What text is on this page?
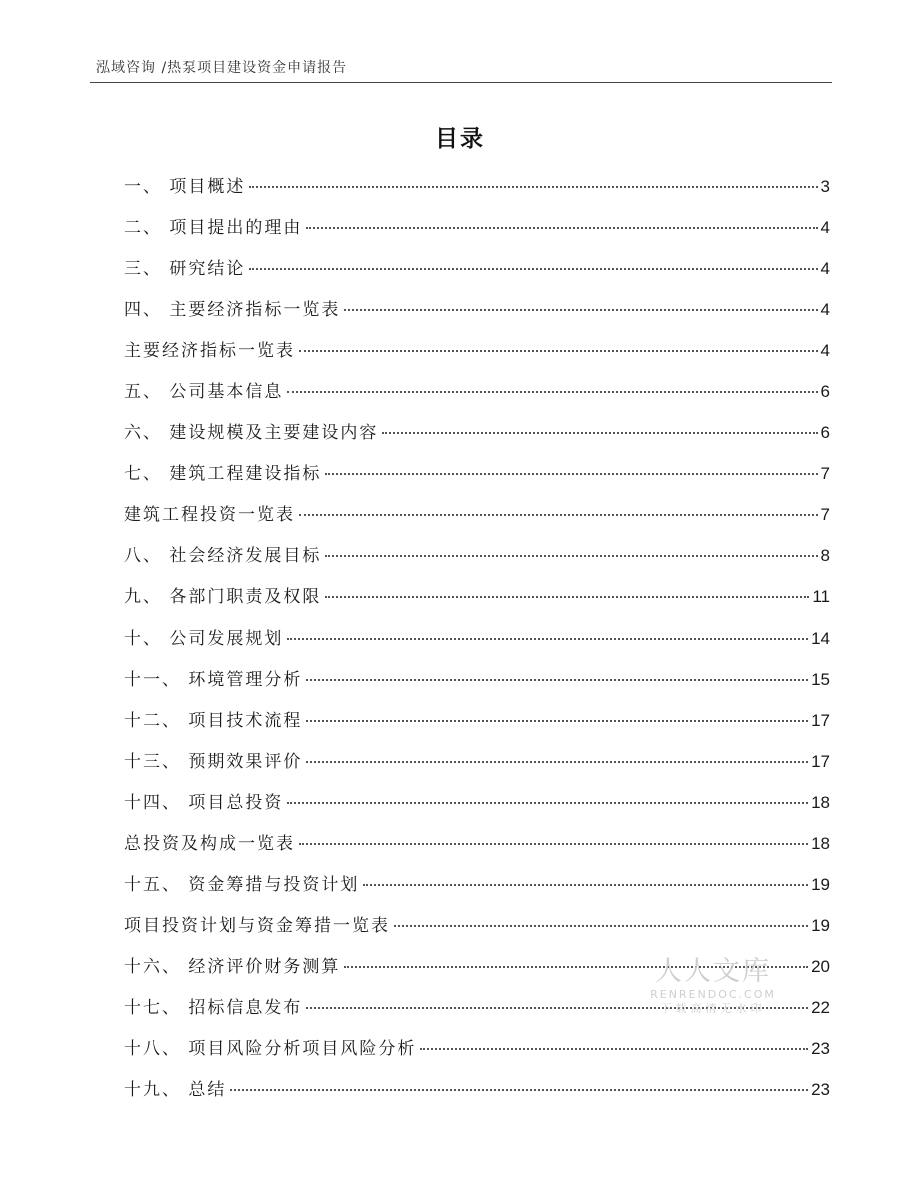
泓域咨询 /热泵项目建设资金申请报告
目录
一、 项目概述	3
二、 项目提出的理由	4
三、 研究结论	4
四、 主要经济指标一览表	4
主要经济指标一览表	4
五、 公司基本信息	6
六、 建设规模及主要建设内容	6
七、 建筑工程建设指标	7
建筑工程投资一览表	7
八、 社会经济发展目标	8
九、 各部门职责及权限	11
十、 公司发展规划	14
十一、 环境管理分析	15
十二、 项目技术流程	17
十三、 预期效果评价	17
十四、 项目总投资	18
总投资及构成一览表	18
十五、 资金筹措与投资计划	19
项目投资计划与资金筹措一览表	19
十六、 经济评价财务测算	20
十七、 招标信息发布	22
十八、 项目风险分析项目风险分析	23
十九、 总结	23
人人文库
RENRENDOC.COM
下载高清无水印
